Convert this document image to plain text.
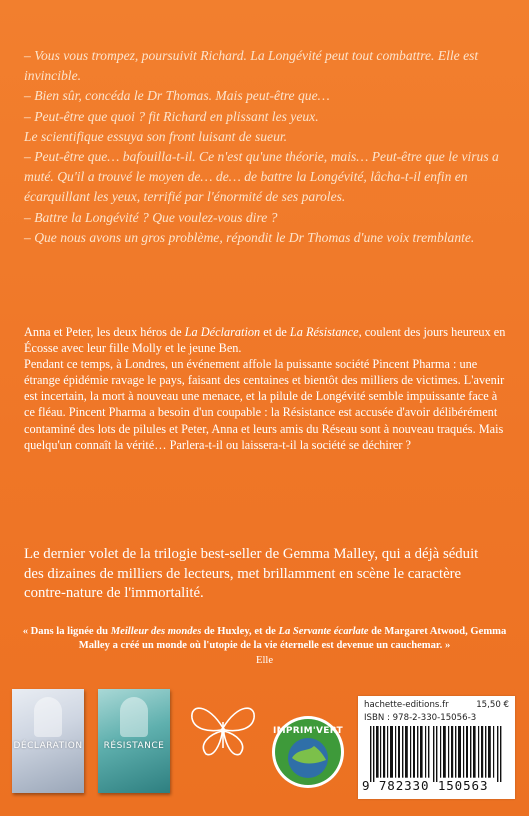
– Vous vous trompez, poursuivit Richard. La Longévité peut tout combattre. Elle est invincible.

– Bien sûr, concéda le Dr Thomas. Mais peut-être que…

– Peut-être que quoi ? fit Richard en plissant les yeux.

Le scientifique essuya son front luisant de sueur.

– Peut-être que… bafouilla-t-il. Ce n'est qu'une théorie, mais… Peut-être que le virus a muté. Qu'il a trouvé le moyen de… de… de battre la Longévité, lâcha-t-il enfin en écarquillant les yeux, terrifié par l'énormité de ses paroles.

– Battre la Longévité ? Que voulez-vous dire ?

– Que nous avons un gros problème, répondit le Dr Thomas d'une voix tremblante.

Anna et Peter, les deux héros de La Déclaration et de La Résistance, coulent des jours heureux en Écosse avec leur fille Molly et le jeune Ben.
Pendant ce temps, à Londres, un événement affole la puissante société Pincent Pharma : une étrange épidémie ravage le pays, faisant des centaines et bientôt des milliers de victimes. L'avenir est incertain, la mort à nouveau une menace, et la pilule de Longévité semble impuissante face à ce fléau. Pincent Pharma a besoin d'un coupable : la Résistance est accusée d'avoir délibérément contaminé des lots de pilules et Peter, Anna et leurs amis du Réseau sont à nouveau traqués. Mais quelqu'un connaît la vérité… Parlera-t-il ou laissera-t-il la société se déchirer ?
Le dernier volet de la trilogie best-seller de Gemma Malley, qui a déjà séduit des dizaines de milliers de lecteurs, met brillamment en scène le caractère contre-nature de l'immortalité.
« Dans la lignée du Meilleur des mondes de Huxley, et de La Servante écarlate de Margaret Atwood, Gemma Malley a créé un monde où l'utopie de la vie éternelle est devenue un cauchemar. »
Elle
DÉCLARATION	RÉSISTANCE
IMPRIM'VERT
hachette-editions.fr	15,50 €
ISBN : 978-2-330-15056-3
9 782330 150563
